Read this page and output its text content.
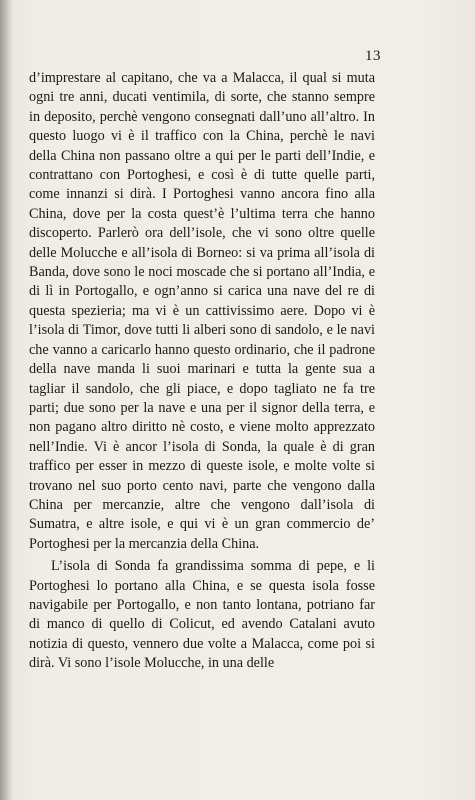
13

d’imprestare al capitano, che va a Malacca, il qual si muta ogni tre anni, ducati ventimila, di sorte, che stanno sempre in deposito, perchè vengono consegnati dall’uno all’altro. In questo luogo vi è il traffico con la China, perchè le navi della China non passano oltre a qui per le parti dell’Indie, e contrattano con Portoghesi, e così è di tutte quelle parti, come innanzi si dirà. I Portoghesi vanno ancora fino alla China, dove per la costa quest’è l’ultima terra che hanno discoperto. Parlerò ora dell’isole, che vi sono oltre quelle delle Molucche e all’isola di Borneo: si va prima all’isola di Banda, dove sono le noci moscade che si portano all’India, e di lì in Portogallo, e ogn’anno si carica una nave del re di questa spezieria; ma vi è un cattivissimo aere. Dopo vi è l’isola di Timor, dove tutti li alberi sono di sandolo, e le navi che vanno a caricarlo hanno questo ordinario, che il padrone della nave manda li suoi marinari e tutta la gente sua a tagliar il sandolo, che gli piace, e dopo tagliato ne fa tre parti; due sono per la nave e una per il signor della terra, e non pagano altro diritto nè costo, e viene molto apprezzato nell’Indie. Vi è ancor l’isola di Sonda, la quale è di gran traffico per esser in mezzo di queste isole, e molte volte si trovano nel suo porto cento navi, parte che vengono dalla China per mercanzie, altre che vengono dall’isola di Sumatra, e altre isole, e qui vi è un gran commercio de’ Portoghesi per la mercanzia della China.

L’isola di Sonda fa grandissima somma di pepe, e li Portoghesi lo portano alla China, e se questa isola fosse navigabile per Portogallo, e non tanto lontana, potriano far di manco di quello di Colicut, ed avendo Catalani avuto notizia di questo, vennero due volte a Malacca, come poi si dirà. Vi sono l’isole Molucche, in una delle
